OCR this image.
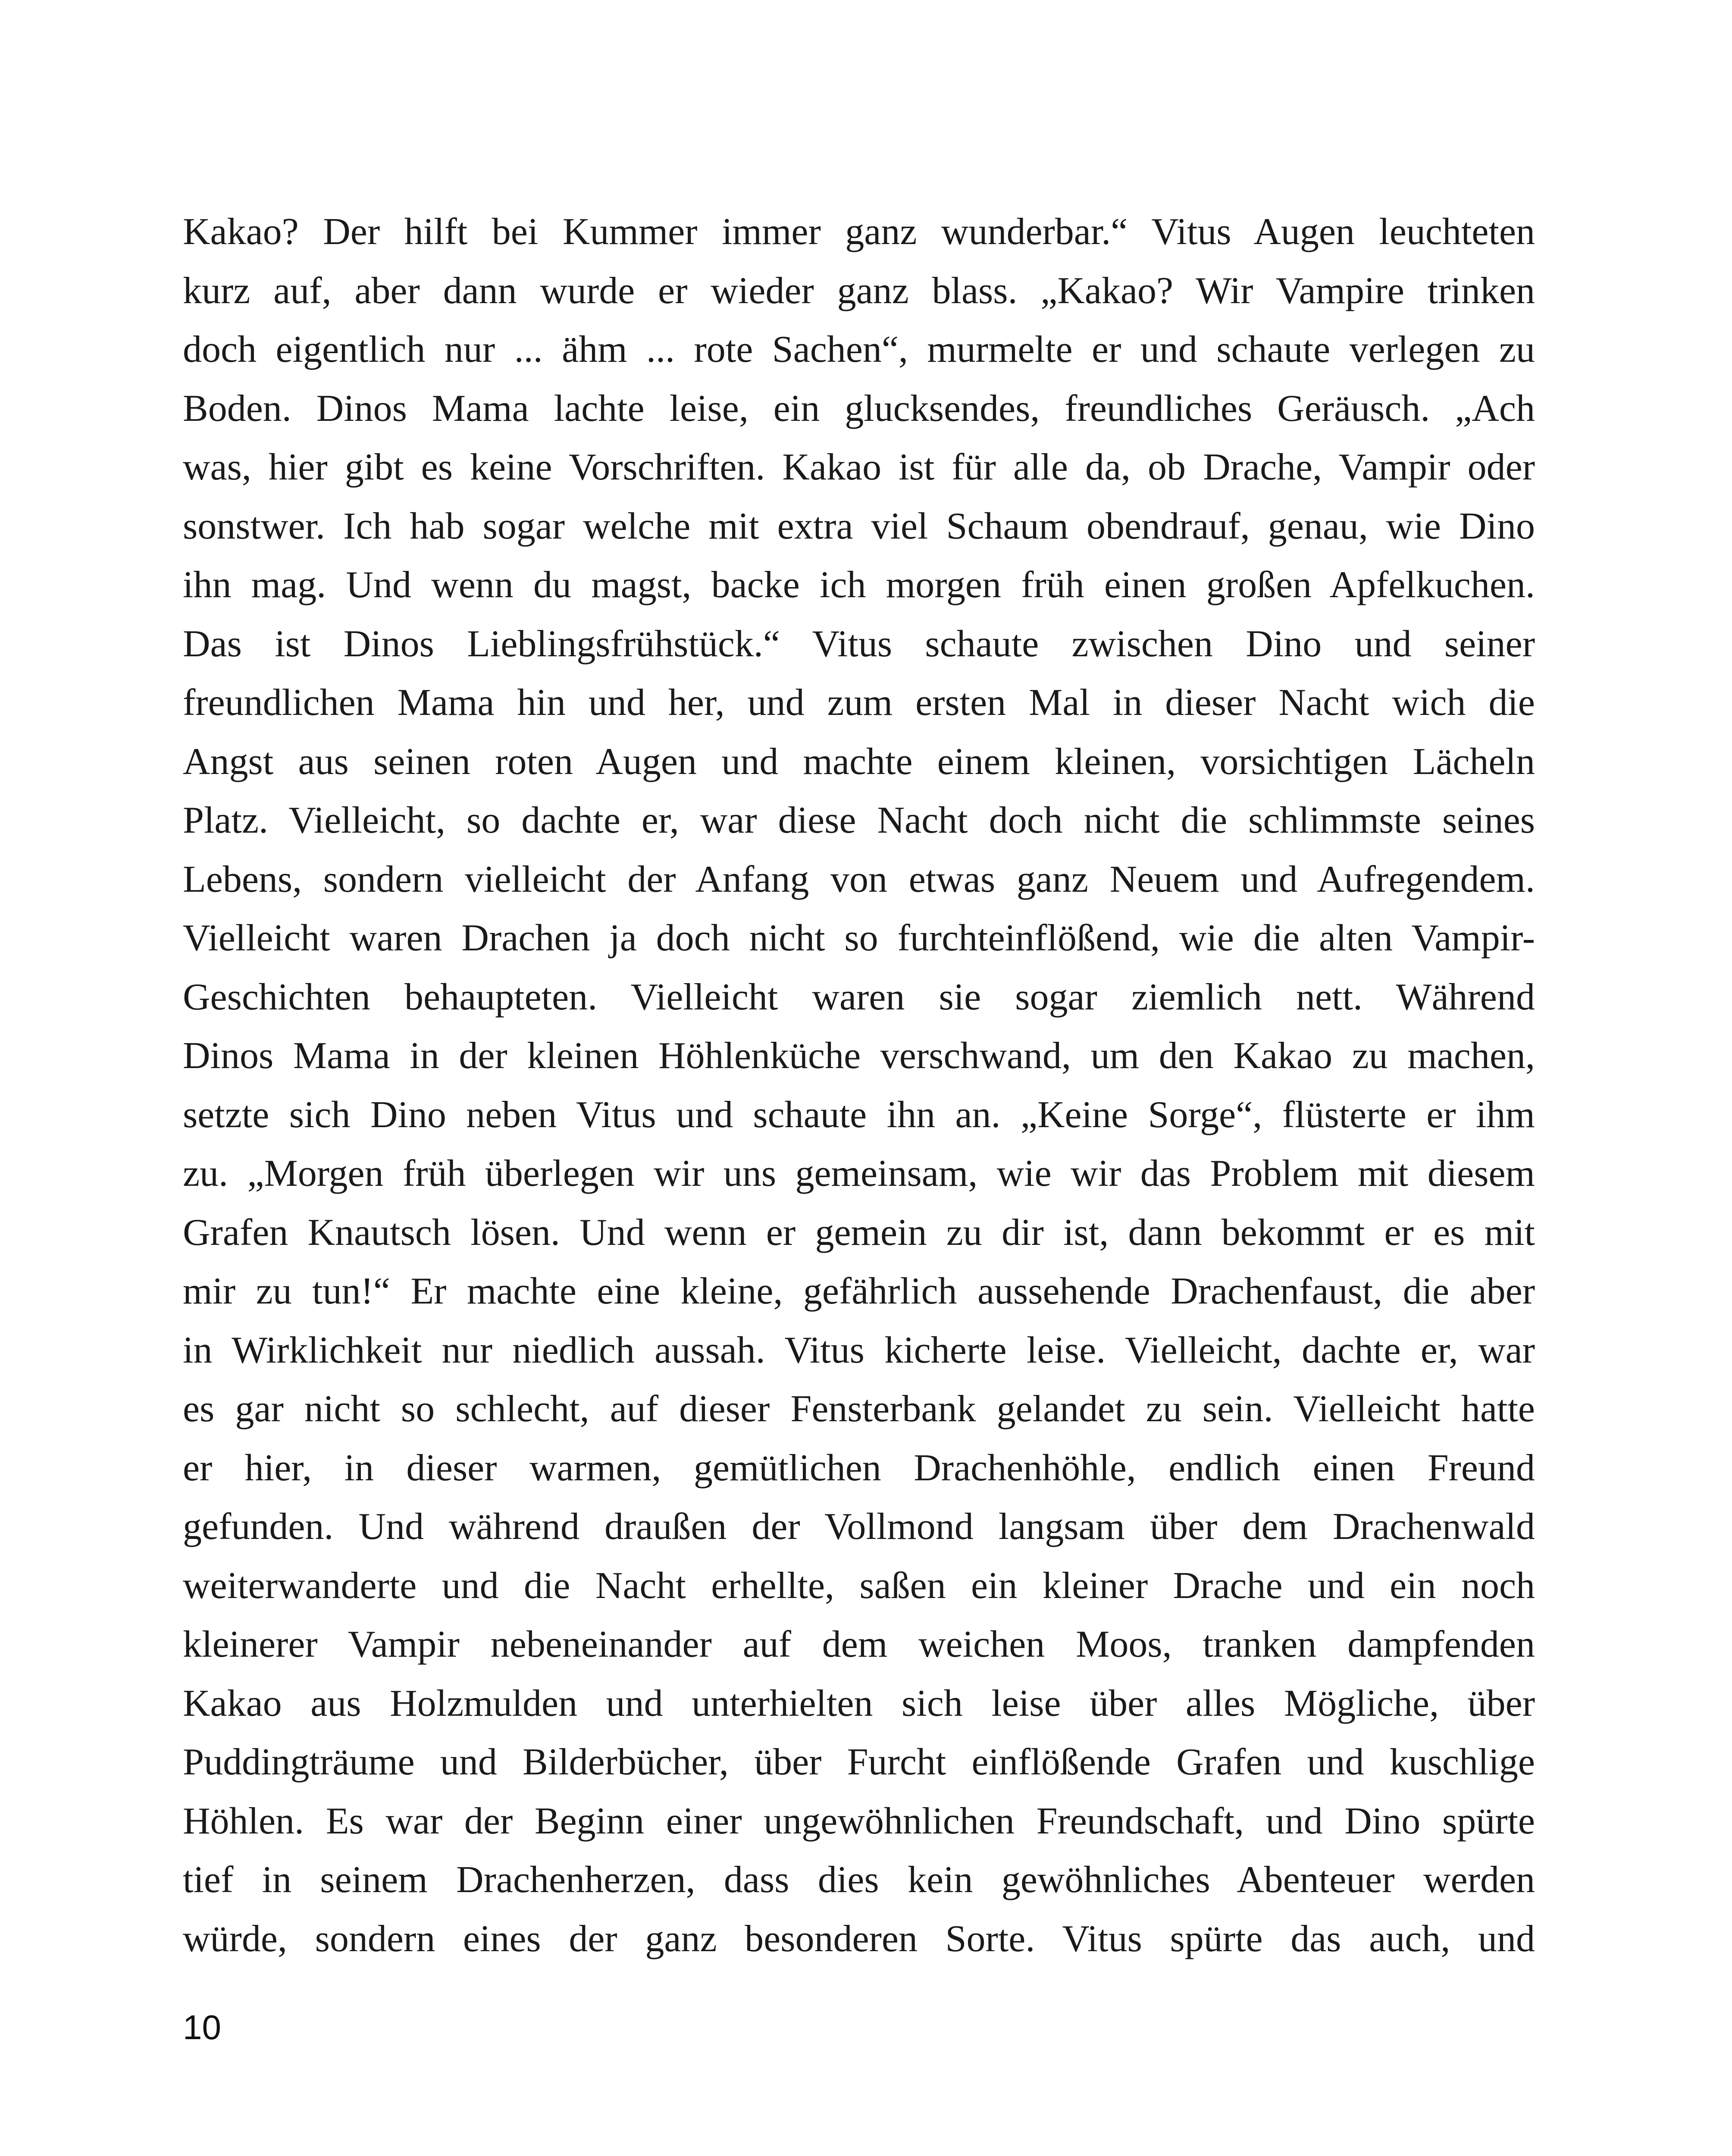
Kakao? Der hilft bei Kummer immer ganz wunderbar.“ Vitus Augen leuchteten
kurz auf, aber dann wurde er wieder ganz blass. „Kakao? Wir Vampire trinken
doch eigentlich nur ... ähm ... rote Sachen“, murmelte er und schaute verlegen zu
Boden. Dinos Mama lachte leise, ein glucksendes, freundliches Geräusch. „Ach
was, hier gibt es keine Vorschriften. Kakao ist für alle da, ob Drache, Vampir oder
sonstwer. Ich hab sogar welche mit extra viel Schaum obendrauf, genau, wie Dino
ihn mag. Und wenn du magst, backe ich morgen früh einen großen Apfelkuchen.
Das ist Dinos Lieblingsfrühstück.“ Vitus schaute zwischen Dino und seiner
freundlichen Mama hin und her, und zum ersten Mal in dieser Nacht wich die
Angst aus seinen roten Augen und machte einem kleinen, vorsichtigen Lächeln
Platz. Vielleicht, so dachte er, war diese Nacht doch nicht die schlimmste seines
Lebens, sondern vielleicht der Anfang von etwas ganz Neuem und Aufregendem.
Vielleicht waren Drachen ja doch nicht so furchteinflößend, wie die alten Vampir-
Geschichten behaupteten. Vielleicht waren sie sogar ziemlich nett. Während
Dinos Mama in der kleinen Höhlenküche verschwand, um den Kakao zu machen,
setzte sich Dino neben Vitus und schaute ihn an. „Keine Sorge“, flüsterte er ihm
zu. „Morgen früh überlegen wir uns gemeinsam, wie wir das Problem mit diesem
Grafen Knautsch lösen. Und wenn er gemein zu dir ist, dann bekommt er es mit
mir zu tun!“ Er machte eine kleine, gefährlich aussehende Drachenfaust, die aber
in Wirklichkeit nur niedlich aussah. Vitus kicherte leise. Vielleicht, dachte er, war
es gar nicht so schlecht, auf dieser Fensterbank gelandet zu sein. Vielleicht hatte
er hier, in dieser warmen, gemütlichen Drachenhöhle, endlich einen Freund
gefunden. Und während draußen der Vollmond langsam über dem Drachenwald
weiterwanderte und die Nacht erhellte, saßen ein kleiner Drache und ein noch
kleinerer Vampir nebeneinander auf dem weichen Moos, tranken dampfenden
Kakao aus Holzmulden und unterhielten sich leise über alles Mögliche, über
Puddingträume und Bilderbücher, über Furcht einflößende Grafen und kuschlige
Höhlen. Es war der Beginn einer ungewöhnlichen Freundschaft, und Dino spürte
tief in seinem Drachenherzen, dass dies kein gewöhnliches Abenteuer werden
würde, sondern eines der ganz besonderen Sorte. Vitus spürte das auch, und
10
